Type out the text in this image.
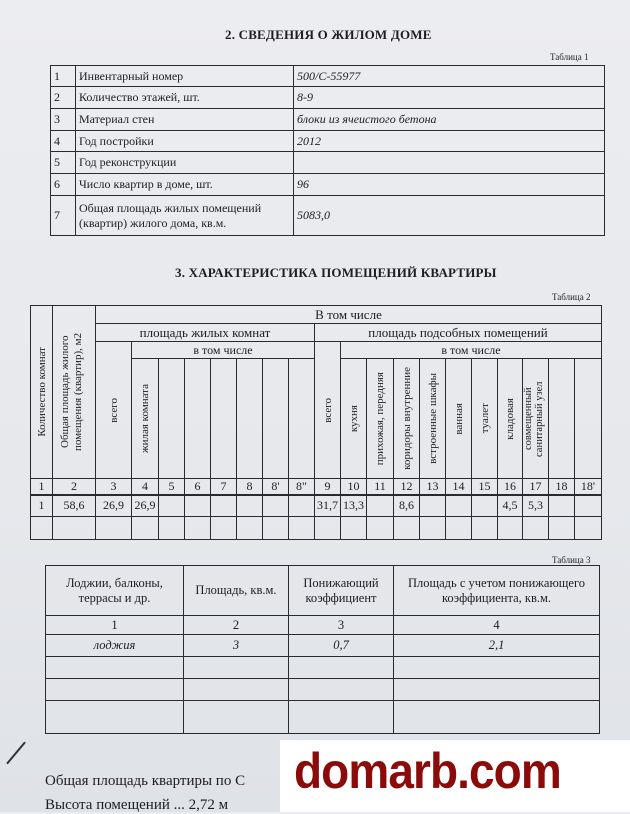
2. СВЕДЕНИЯ О ЖИЛОМ ДОМЕ
Таблица 1
1	Инвентарный номер	500/С-55977
2	Количество этажей, шт.	8-9
3	Материал стен	блоки из ячеистого бетона
4	Год постройки	2012
5	Год реконструкции	
6	Число квартир в доме, шт.	96
7	Общая площадь жилых помещений (квартир) жилого дома, кв.м.	5083,0
3. ХАРАКТЕРИСТИКА ПОМЕЩЕНИЙ КВАРТИРЫ
Таблица 2
Количество комнат	Общая площадь жилого помещения (квартир), м2	В том числе																		
		площадь жилых комнат								площадь подсобных помещений										

		всего	в том числе							всего	в том числе									

			жилая комната								кухня	прихожая, передняя	коридоры внутренние	встроенные шкафы	ванная	туалет	кладовая	совмещенный санитарный узел		

1	2	3	4	5	6	7	8	8'	8"	9	10	11	12	13	14	15	16	17	18	18'
1	58,6	26,9	26,9							31,7	13,3		8,6				4,5	5,3		

Таблица 3
Лоджии, балконы, террасы и др.	Площадь, кв.м.	Понижающий коэффициент	Площадь с учетом понижающего коэффициента, кв.м.
1	2	3	4
лоджия	3	0,7	2,1

Общая площадь квартиры по С
Высота помещений ... 2,72 м
domarb.com
